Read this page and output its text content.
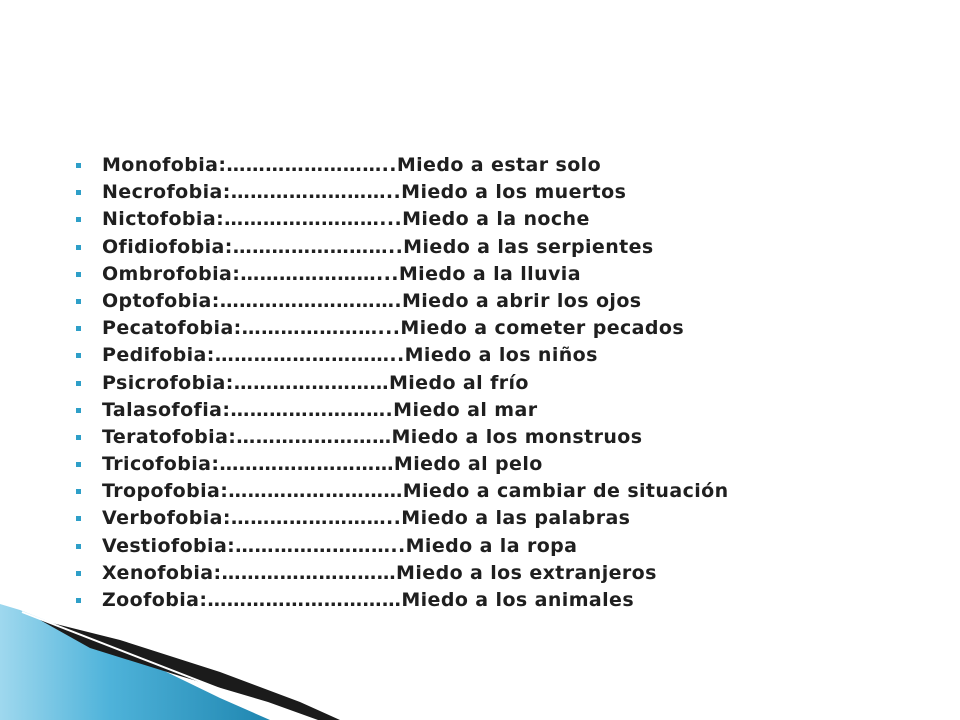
Monofobia:……………………..Miedo a estar solo
Necrofobia:……………………..Miedo a los muertos
Nictofobia:……………………...Miedo a la noche
Ofidiofobia:……………………..Miedo a las serpientes
Ombrofobia:…………………...Miedo a la lluvia
Optofobia:……………………….Miedo a abrir los ojos
Pecatofobia:…………………...Miedo a cometer pecados
Pedifobia:………………………..Miedo a los niños
Psicrofobia:……………………Miedo al frío
Talasofofia:…………………….Miedo al mar
Teratofobia:……………………Miedo a los monstruos
Tricofobia:………………………Miedo al pelo
Tropofobia:………………………Miedo a cambiar de situación
Verbofobia:……………………..Miedo a las palabras
Vestiofobia:……………………..Miedo a la ropa
Xenofobia:………………………Miedo a los extranjeros
Zoofobia:…………………………Miedo a los animales
